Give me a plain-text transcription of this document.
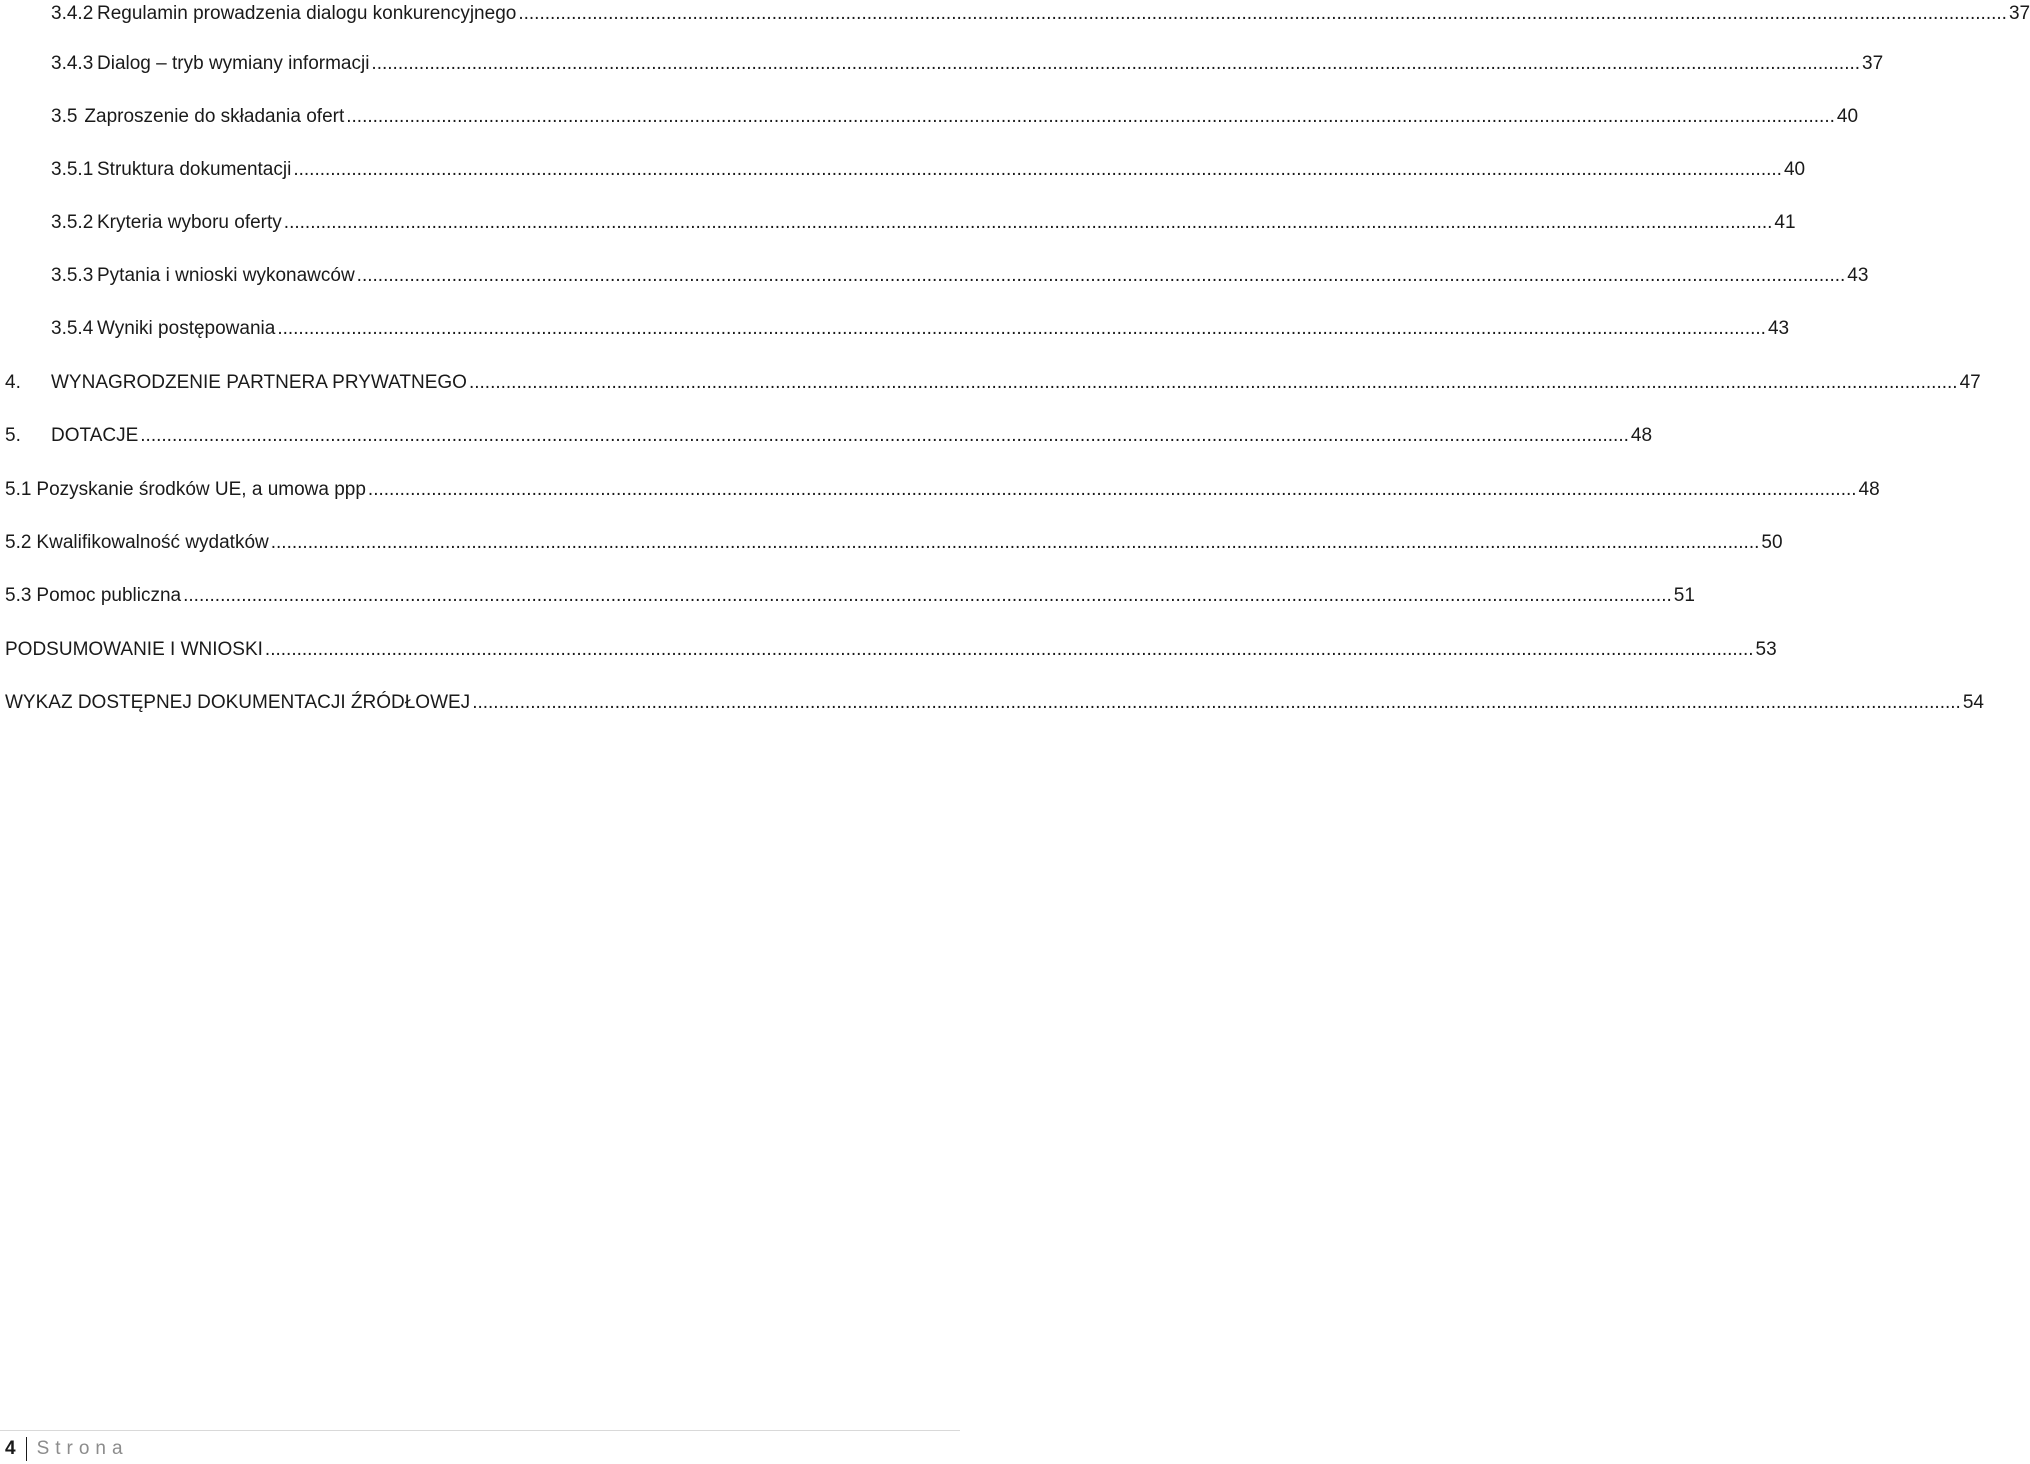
3.4.2 Regulamin prowadzenia dialogu konkurencyjnego .....	37
3.4.3 Dialog – tryb wymiany informacji .....	37
3.5 Zaproszenie do składania ofert .....	40
3.5.1 Struktura dokumentacji .....	40
3.5.2 Kryteria wyboru oferty .....	41
3.5.3 Pytania i wnioski wykonawców .....	43
3.5.4 Wyniki postępowania .....	43
4.	WYNAGRODZENIE PARTNERA PRYWATNEGO .....	47
5.	DOTACJE .....	48
5.1 Pozyskanie środków UE, a umowa ppp .....	48
5.2 Kwalifikowalność wydatków .....	50
5.3 Pomoc publiczna .....	51
PODSUMOWANIE I WNIOSKI .....	53
WYKAZ DOSTĘPNEJ DOKUMENTACJI ŹRÓDŁOWEJ .....	54
4 Strona
